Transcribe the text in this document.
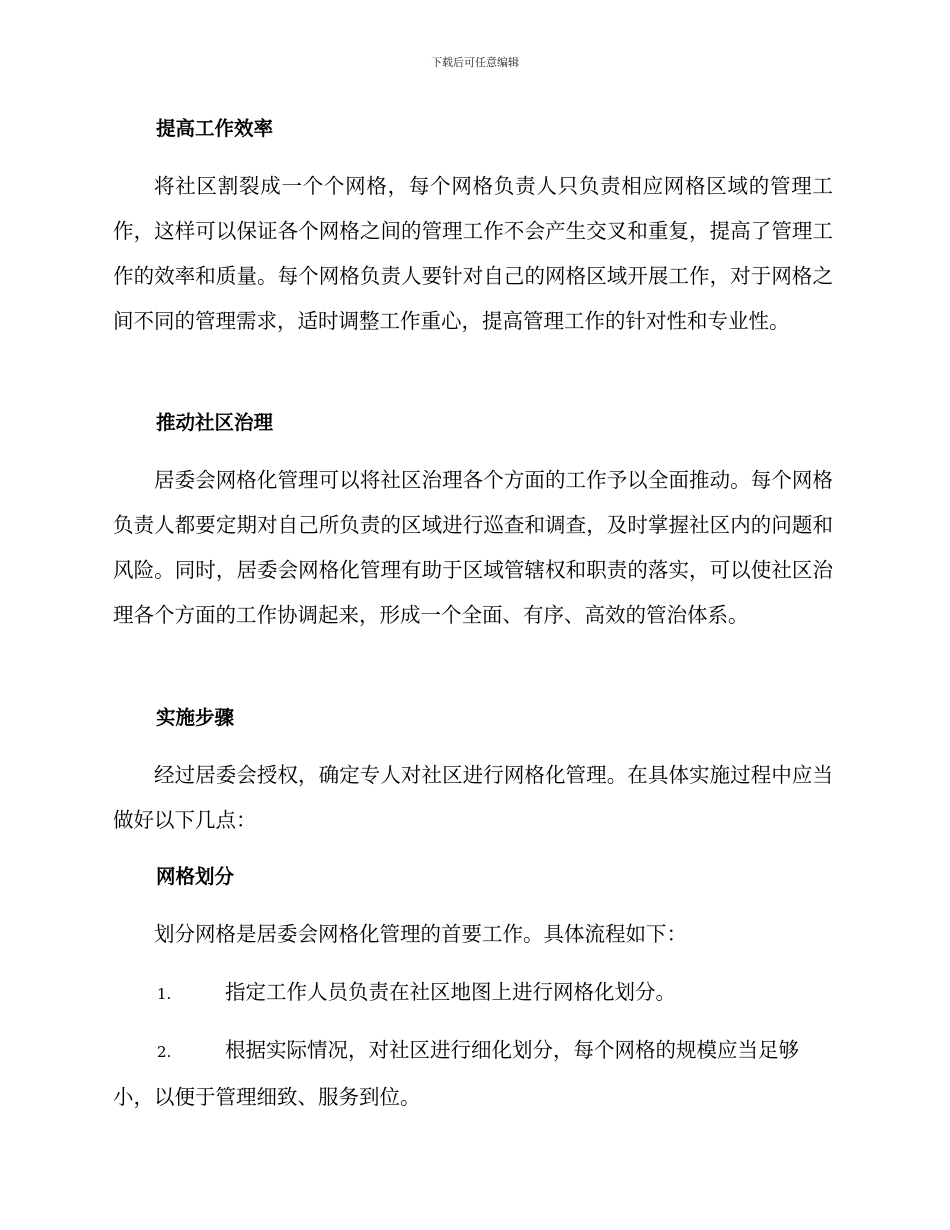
下载后可任意编辑
提高工作效率

将社区割裂成一个个网格，每个网格负责人只负责相应网格区域的管理工作，这样可以保证各个网格之间的管理工作不会产生交叉和重复，提高了管理工作的效率和质量。每个网格负责人要针对自己的网格区域开展工作，对于网格之间不同的管理需求，适时调整工作重心，提高管理工作的针对性和专业性。

推动社区治理

居委会网格化管理可以将社区治理各个方面的工作予以全面推动。每个网格负责人都要定期对自己所负责的区域进行巡查和调查，及时掌握社区内的问题和风险。同时，居委会网格化管理有助于区域管辖权和职责的落实，可以使社区治理各个方面的工作协调起来，形成一个全面、有序、高效的管治体系。

实施步骤

经过居委会授权，确定专人对社区进行网格化管理。在具体实施过程中应当做好以下几点：

网格划分

划分网格是居委会网格化管理的首要工作。具体流程如下：

1.	指定工作人员负责在社区地图上进行网格化划分。

2.	根据实际情况，对社区进行细化划分，每个网格的规模应当足够小，以便于管理细致、服务到位。
